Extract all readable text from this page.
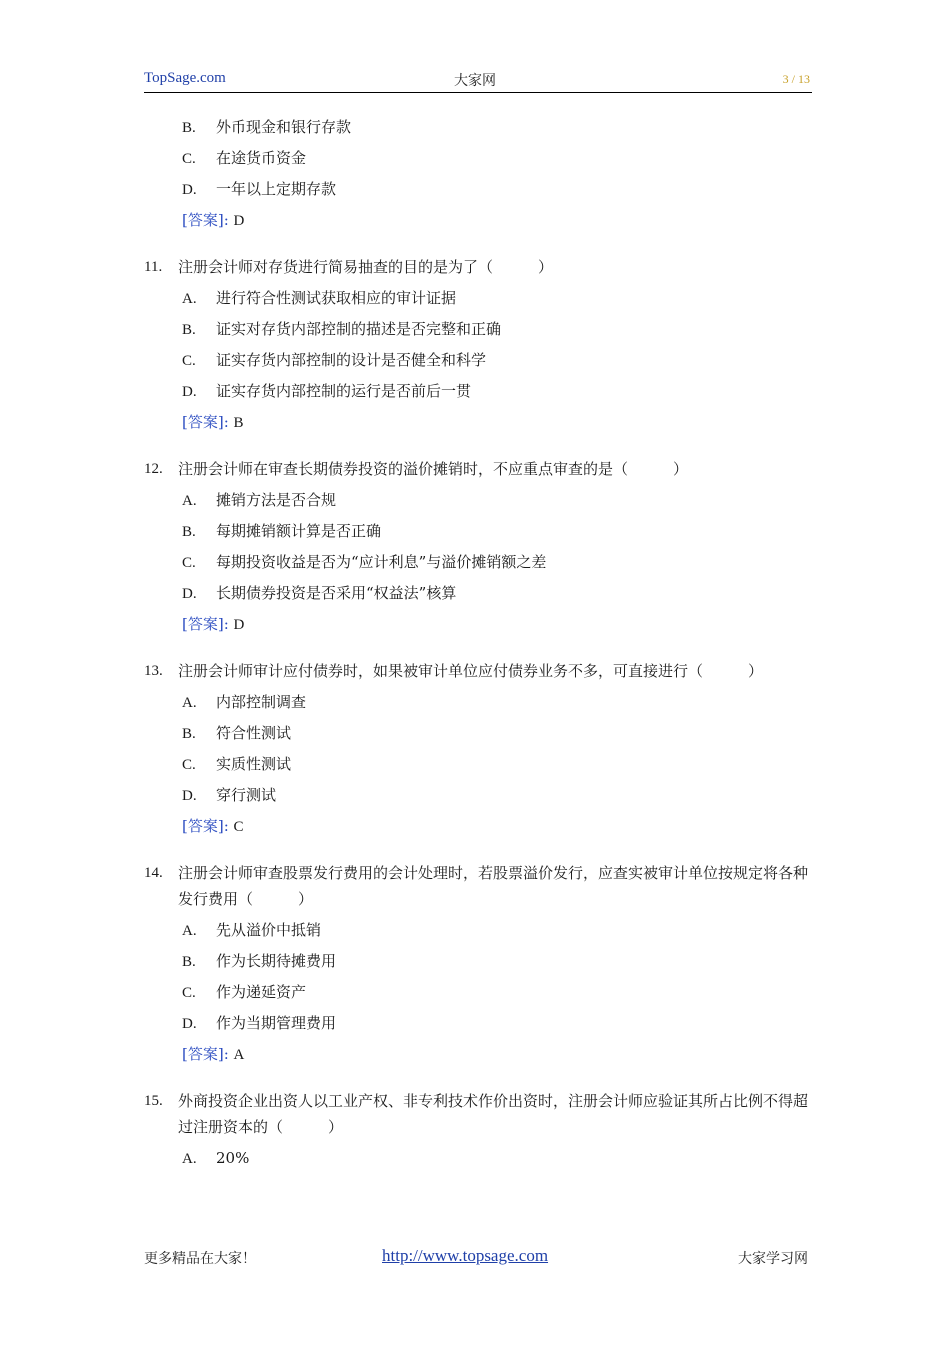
TopSage.com	大家网	3 / 13
B. 外币现金和银行存款
C. 在途货币资金
D. 一年以上定期存款
[答案]: D
11. 注册会计师对存货进行简易抽查的目的是为了（　　　）
A. 进行符合性测试获取相应的审计证据
B. 证实对存货内部控制的描述是否完整和正确
C. 证实存货内部控制的设计是否健全和科学
D. 证实存货内部控制的运行是否前后一贯
[答案]: B
12. 注册会计师在审查长期债券投资的溢价摊销时，不应重点审查的是（　　　）
A. 摊销方法是否合规
B. 每期摊销额计算是否正确
C. 每期投资收益是否为“应计利息”与溢价摊销额之差
D. 长期债券投资是否采用“权益法”核算
[答案]: D
13. 注册会计师审计应付债券时，如果被审计单位应付债券业务不多，可直接进行（　　　）
A. 内部控制调查
B. 符合性测试
C. 实质性测试
D. 穿行测试
[答案]: C
14. 注册会计师审查股票发行费用的会计处理时，若股票溢价发行，应查实被审计单位按规定将各种发行费用（　　　）
A. 先从溢价中抵销
B. 作为长期待摊费用
C. 作为递延资产
D. 作为当期管理费用
[答案]: A
15. 外商投资企业出资人以工业产权、非专利技术作价出资时，注册会计师应验证其所占比例不得超过注册资本的（　　　）
A. 20%
更多精品在大家！	http://www.topsage.com	大家学习网
